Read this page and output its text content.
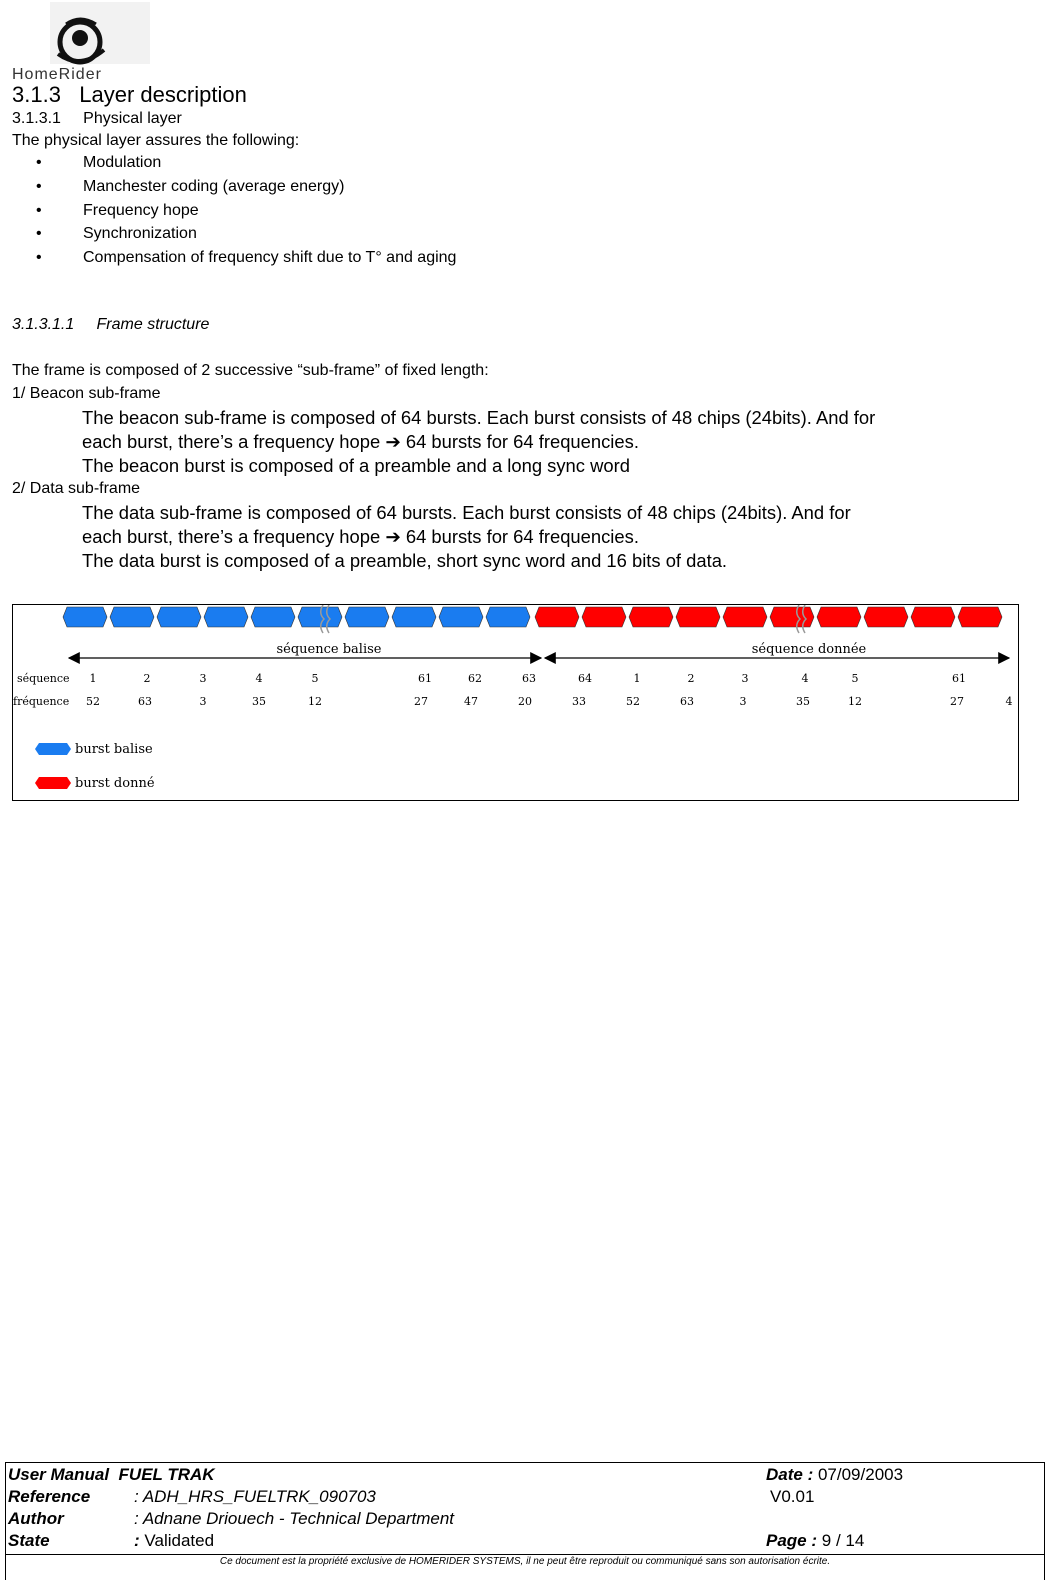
HomeRider
3.1.3 Layer description
3.1.3.1 Physical layer
The physical layer assures the following:
•	Modulation
•	Manchester coding (average energy)
•	Frequency hope
•	Synchronization
•	Compensation of frequency shift due to T° and aging
3.1.3.1.1 Frame structure
The frame is composed of 2 successive “sub-frame” of fixed length:
1/ Beacon sub-frame
The beacon sub-frame is composed of 64 bursts. Each burst consists of 48 chips (24bits). And for
each burst, there’s a frequency hope ➔ 64 bursts for 64 frequencies.
The beacon burst is composed of a preamble and a long sync word
2/ Data sub-frame
The data sub-frame is composed of 64 bursts. Each burst consists of 48 chips (24bits). And for
each burst, there’s a frequency hope ➔ 64 bursts for 64 frequencies.
The data burst is composed of a preamble, short sync word and 16 bits of data.
séquence balise	séquence donnée
séquence
fréquence
1	2	3	4	5	61	62	63	64	1	2	3	4	5	61
52	63	3	35	12	27	47	20	33	52	63	3	35	12	27	4
burst balise
burst donné
User Manual FUEL TRAK	Date : 07/09/2003
Reference	: ADH_HRS_FUELTRK_090703	V0.01
Author	: Adnane Driouech - Technical Department
State	: Validated	Page : 9 / 14
Ce document est la propriété exclusive de HOMERIDER SYSTEMS, il ne peut être reproduit ou communiqué sans son autorisation écrite.
